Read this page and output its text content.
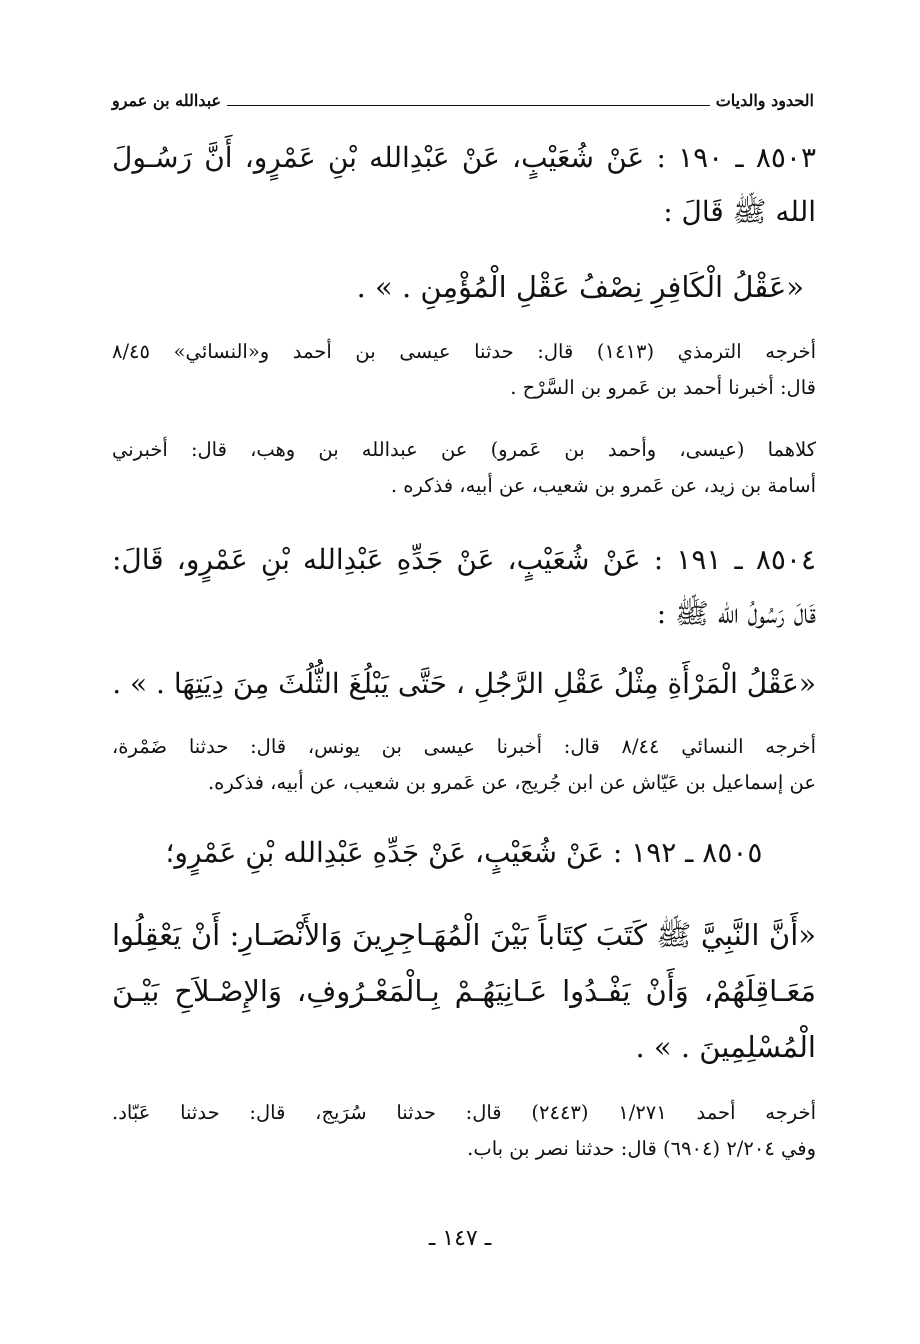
الحدود والديات
عبدالله بن عمرو
٨٥٠٣ ـ ١٩٠ : عَنْ شُعَيْبٍ، عَنْ عَبْدِالله بْنِ عَمْرٍو، أَنَّ رَسُـولَ
الله ﷺ قَالَ :
«عَقْلُ الْكَافِرِ نِصْفُ عَقْلِ الْمُؤْمِنِ . » .
أخرجه الترمذي (١٤١٣) قال: حدثنا عيسى بن أحمد و«النسائي» ٨/٤٥
قال: أخبرنا أحمد بن عَمرو بن السَّرْح .
كلاهما (عيسى، وأحمد بن عَمرو) عن عبدالله بن وهب، قال: أخبرني
أسامة بن زيد، عن عَمرو بن شعيب، عن أبيه، فذكره .
٨٥٠٤ ـ ١٩١ : عَنْ شُعَيْبٍ، عَنْ جَدِّهِ عَبْدِالله بْنِ عَمْرٍو، قَالَ:
قَالَ رَسُولُ الله ﷺ :
«عَقْلُ الْمَرْأَةِ مِثْلُ عَقْلِ الرَّجُلِ ، حَتَّى يَبْلُغَ الثُّلُثَ مِنَ دِيَتِهَا . » .
أخرجه النسائي ٨/٤٤ قال: أخبرنا عيسى بن يونس، قال: حدثنا ضَمْرة،
عن إسماعيل بن عَيّاش عن ابن جُريج، عن عَمرو بن شعيب، عن أبيه، فذكره.
٨٥٠٥ ـ ١٩٢ : عَنْ شُعَيْبٍ، عَنْ جَدِّهِ عَبْدِالله بْنِ عَمْرٍو؛
«أَنَّ النَّبِيَّ ﷺ كَتَبَ كِتَاباً بَيْنَ الْمُهَـاجِرِينَ وَالأَنْصَـارِ: أَنْ يَعْقِلُوا
مَعَـاقِلَهُمْ، وَأَنْ يَفْـدُوا عَـانِيَهُـمْ بِـالْمَعْـرُوفِ، وَالإِصْـلاَحِ بَيْـنَ
الْمُسْلِمِينَ . » .
أخرجه أحمد ١/٢٧١ (٢٤٤٣) قال: حدثنا سُرَيج، قال: حدثنا عَبّاد.
وفي ٢/٢٠٤ (٦٩٠٤) قال: حدثنا نصر بن باب.
ـ ١٤٧ ـ
